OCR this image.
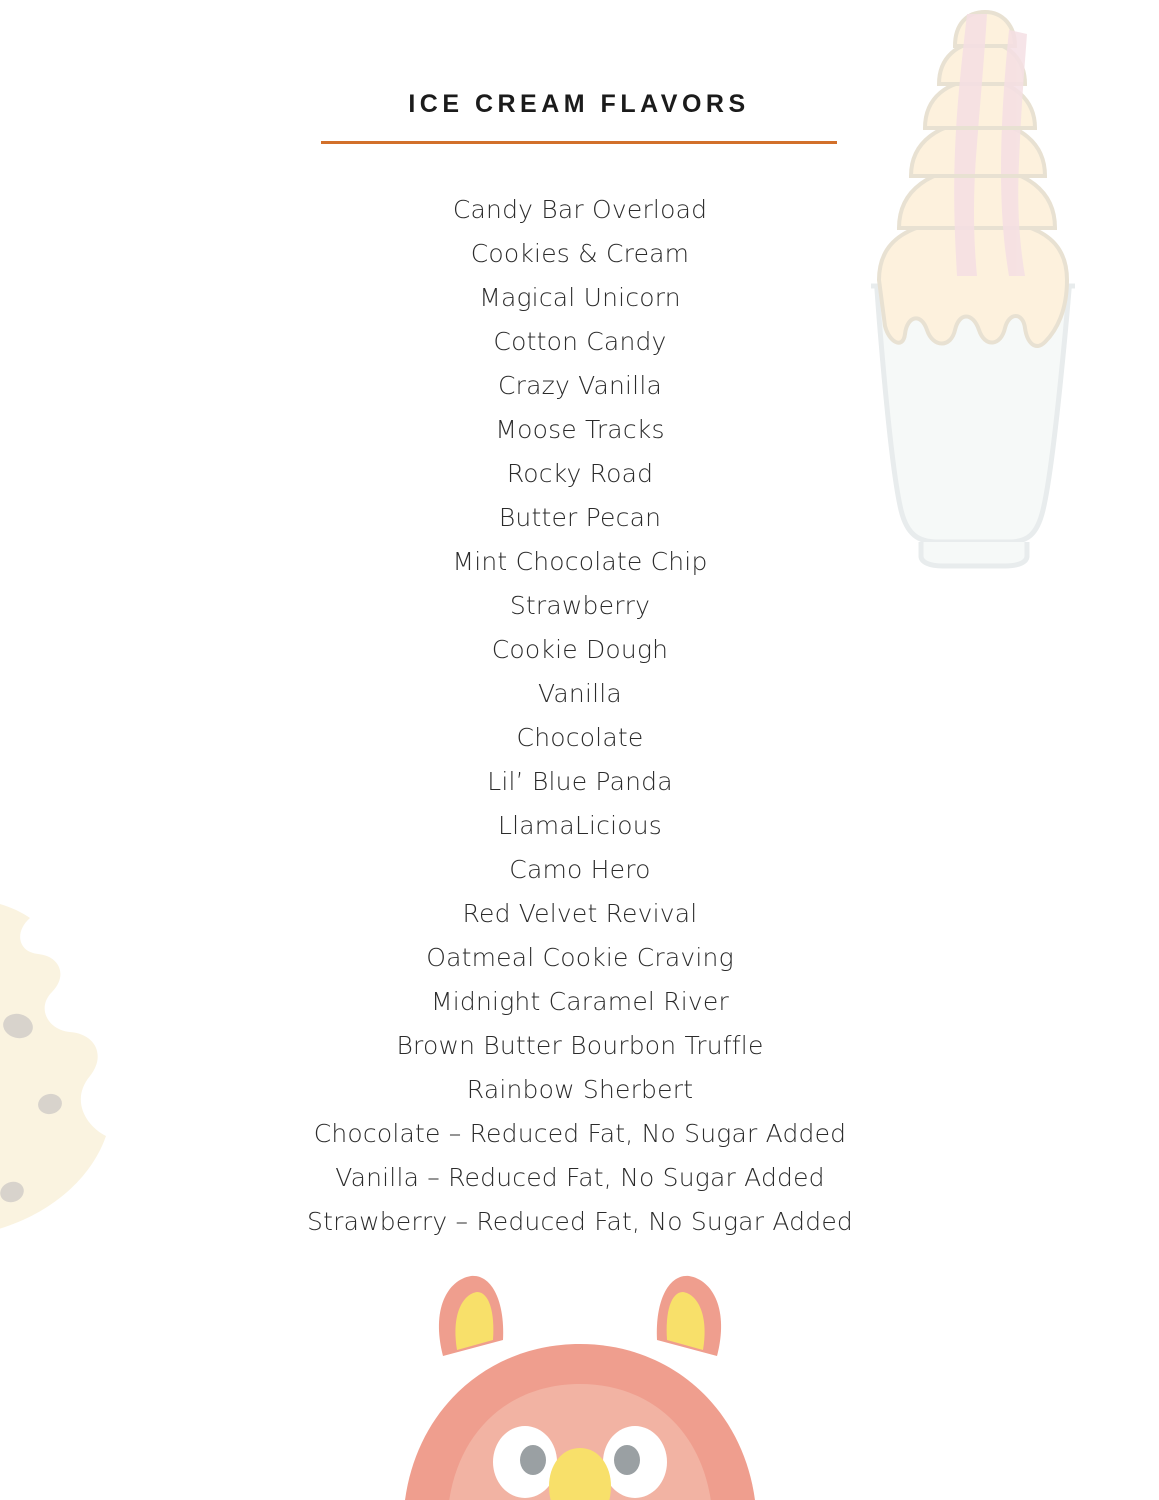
ICE CREAM FLAVORS
Candy Bar Overload
Cookies & Cream
Magical Unicorn
Cotton Candy
Crazy Vanilla
Moose Tracks
Rocky Road
Butter Pecan
Mint Chocolate Chip
Strawberry
Cookie Dough
Vanilla
Chocolate
Lil’ Blue Panda
LlamaLicious
Camo Hero
Red Velvet Revival
Oatmeal Cookie Craving
Midnight Caramel River
Brown Butter Bourbon Truffle
Rainbow Sherbert
Chocolate – Reduced Fat, No Sugar Added
Vanilla – Reduced Fat, No Sugar Added
Strawberry – Reduced Fat, No Sugar Added
